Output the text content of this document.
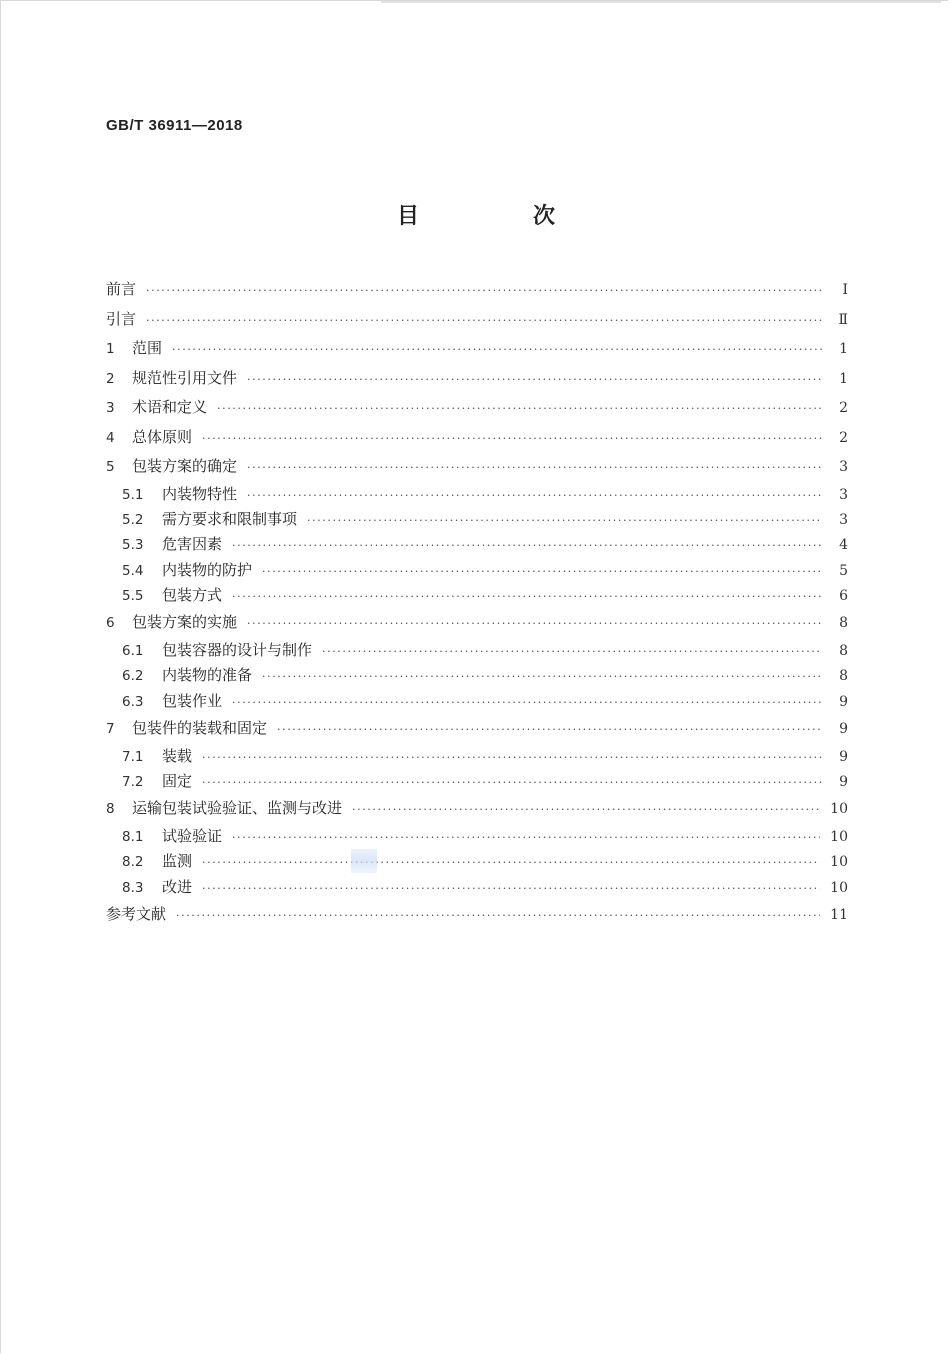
GB/T 36911—2018
目　次
前言 ·····	Ⅰ
引言 ·····	Ⅱ
1	范围 ·····	1
2	规范性引用文件 ·····	1
3	术语和定义 ·····	2
4	总体原则 ·····	2
5	包装方案的确定 ·····	3
5.1	内装物特性 ·····	3
5.2	需方要求和限制事项 ·····	3
5.3	危害因素 ·····	4
5.4	内装物的防护 ·····	5
5.5	包装方式 ·····	6
6	包装方案的实施 ·····	8
6.1	包装容器的设计与制作 ·····	8
6.2	内装物的准备 ·····	8
6.3	包装作业 ·····	9
7	包装件的装载和固定 ·····	9
7.1	装载 ·····	9
7.2	固定 ·····	9
8	运输包装试验验证、监测与改进 ·····	10
8.1	试验验证 ·····	10
8.2	监测 ·····	10
8.3	改进 ·····	10
参考文献 ·····	11
